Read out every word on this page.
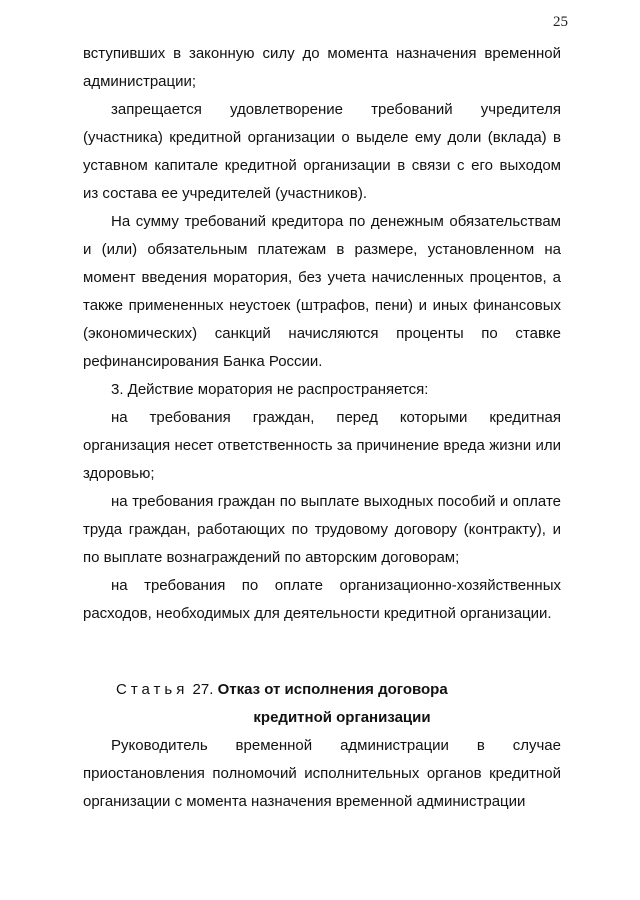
25

вступивших в законную силу до момента назначения временной администрации;

запрещается удовлетворение требований учредителя (участника) кредитной организации о выделе ему доли (вклада) в уставном капитале кредитной организации в связи с его выходом из состава ее учредителей (участников).

На сумму требований кредитора по денежным обязательствам и (или) обязательным платежам в размере, установленном на момент введения моратория, без учета начисленных процентов, а также примененных неустоек (штрафов, пени) и иных финансовых (экономических) санкций начисляются проценты по ставке рефинансирования Банка России.

3. Действие моратория не распространяется:

на требования граждан, перед которыми кредитная организация несет ответственность за причинение вреда жизни или здоровью;

на требования граждан по выплате выходных пособий и оплате труда граждан, работающих по трудовому договору (контракту), и по выплате вознаграждений по авторским договорам;

на требования по оплате организационно-хозяйственных расходов, необходимых для деятельности кредитной организации.

Статья 27. Отказ от исполнения договора
кредитной организации

Руководитель временной администрации в случае приостановления полномочий исполнительных органов кредитной организации с момента назначения временной администрации
